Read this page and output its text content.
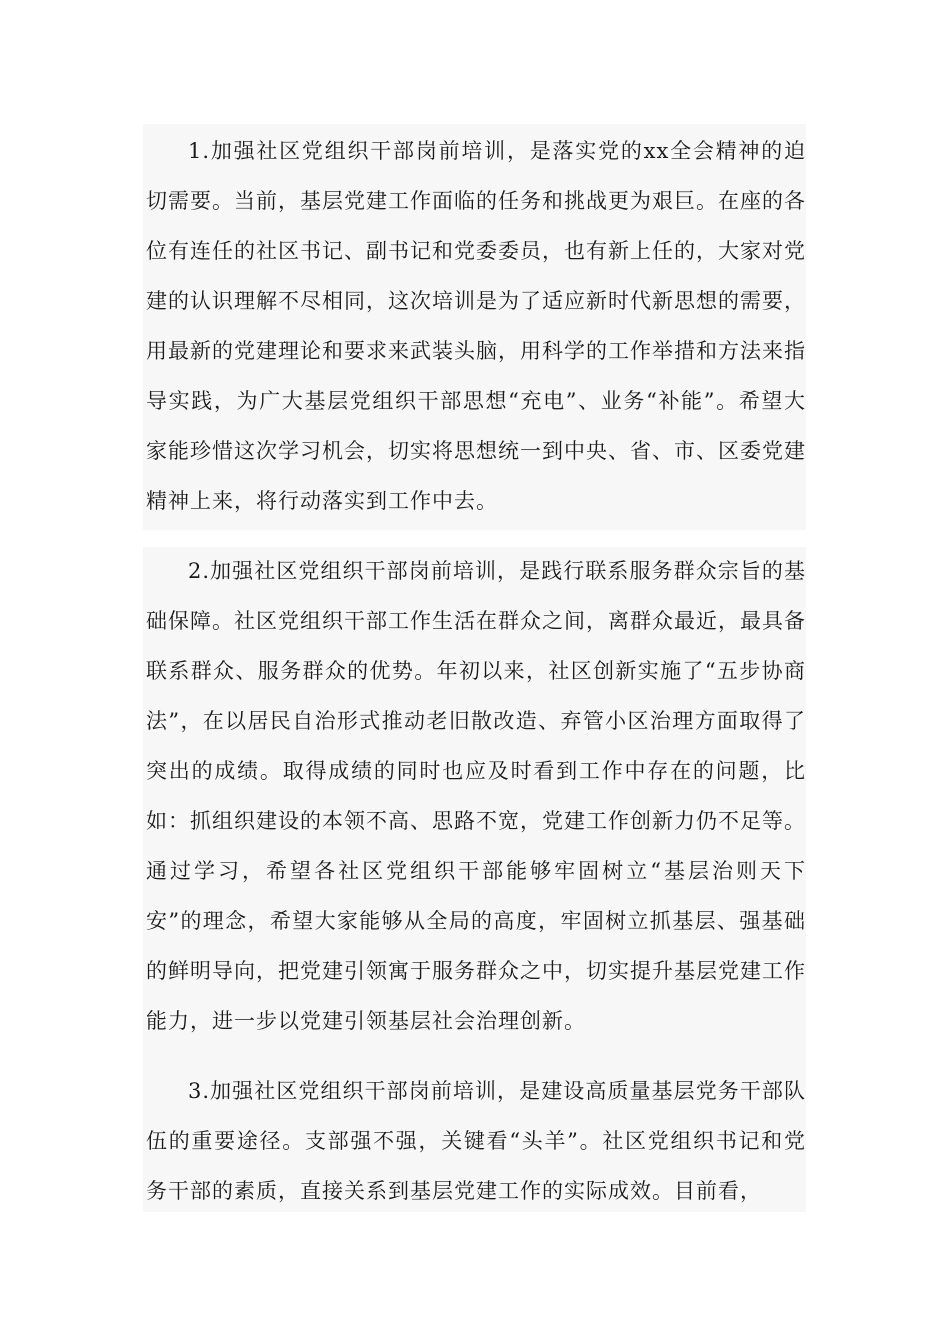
1.加强社区党组织干部岗前培训，是落实党的xx全会精神的迫切需要。当前，基层党建工作面临的任务和挑战更为艰巨。在座的各位有连任的社区书记、副书记和党委委员，也有新上任的，大家对党建的认识理解不尽相同，这次培训是为了适应新时代新思想的需要，用最新的党建理论和要求来武装头脑，用科学的工作举措和方法来指导实践，为广大基层党组织干部思想“充电”、业务“补能”。希望大家能珍惜这次学习机会，切实将思想统一到中央、省、市、区委党建精神上来，将行动落实到工作中去。

2.加强社区党组织干部岗前培训，是践行联系服务群众宗旨的基础保障。社区党组织干部工作生活在群众之间，离群众最近，最具备联系群众、服务群众的优势。年初以来，社区创新实施了“五步协商法”，在以居民自治形式推动老旧散改造、弃管小区治理方面取得了突出的成绩。取得成绩的同时也应及时看到工作中存在的问题，比如：抓组织建设的本领不高、思路不宽，党建工作创新力仍不足等。通过学习，希望各社区党组织干部能够牢固树立“基层治则天下安”的理念，希望大家能够从全局的高度，牢固树立抓基层、强基础的鲜明导向，把党建引领寓于服务群众之中，切实提升基层党建工作能力，进一步以党建引领基层社会治理创新。

3.加强社区党组织干部岗前培训，是建设高质量基层党务干部队伍的重要途径。支部强不强，关键看“头羊”。社区党组织书记和党务干部的素质，直接关系到基层党建工作的实际成效。目前看，
